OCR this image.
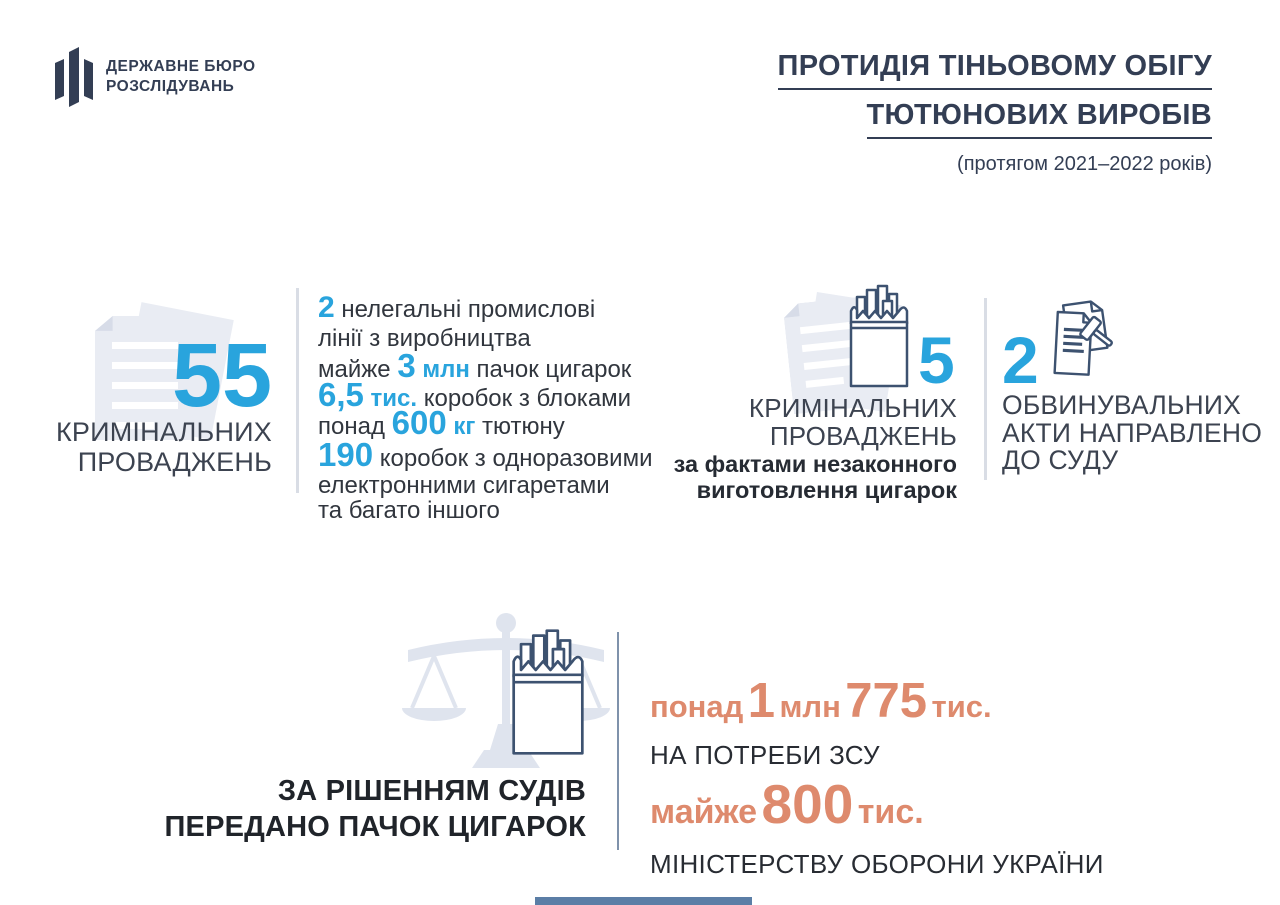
ДЕРЖАВНЕ БЮРО
РОЗСЛІДУВАНЬ
ПРОТИДІЯ ТІНЬОВОМУ ОБІГУ
ТЮТЮНОВИХ ВИРОБІВ
(протягом 2021–2022 років)
55
КРИМІНАЛЬНИХ
ПРОВАДЖЕНЬ
2 нелегальні промислові
лінії з виробництва
майже 3 млн пачок цигарок
6,5 тис. коробок з блоками
понад 600 кг тютюну
190 коробок з одноразовими
електронними сигаретами
та багато іншого
5
КРИМІНАЛЬНИХ
ПРОВАДЖЕНЬ
за фактами незаконного
виготовлення цигарок
2
ОБВИНУВАЛЬНИХ
АКТИ НАПРАВЛЕНО
ДО СУДУ
ЗА РІШЕННЯМ СУДІВ
ПЕРЕДАНО ПАЧОК ЦИГАРОК
понад 1 млн 775 тис.
НА ПОТРЕБИ ЗСУ
майже 800 тис.
МІНІСТЕРСТВУ ОБОРОНИ УКРАЇНИ
